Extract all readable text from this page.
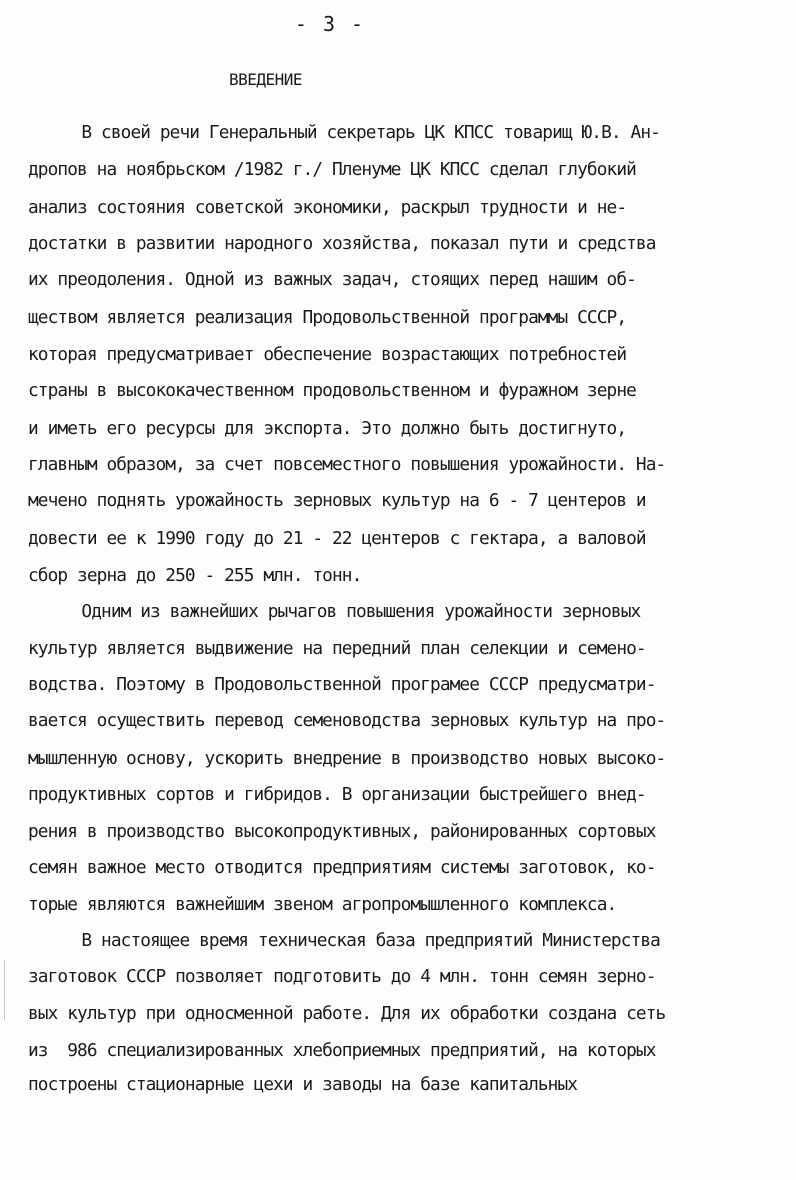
- 3 -
ВВЕДЕНИЕ
В своей речи Генеральный секретарь ЦК КПСС товарищ Ю.В. Ан-
дропов на ноябрьском /1982 г./ Пленуме ЦК КПСС сделал глубокий
анализ состояния советской экономики, раскрыл трудности и не-
достатки в развитии народного хозяйства, показал пути и средства
их преодоления. Одной из важных задач, стоящих перед нашим об-
ществом является реализация Продовольственной программы СССР,
которая предусматривает обеспечение возрастающих потребностей
страны в высококачественном продовольственном и фуражном зерне
и иметь его ресурсы для экспорта. Это должно быть достигнуто,
главным образом, за счет повсеместного повышения урожайности. На-
мечено поднять урожайность зерновых культур на 6 - 7 центеров и
довести ее к 1990 году до 21 - 22 центеров с гектара, а валовой
сбор зерна до 250 - 255 млн. тонн.
Одним из важнейших рычагов повышения урожайности зерновых
культур является выдвижение на передний план селекции и семено-
водства. Поэтому в Продовольственной програмее СССР предусматри-
вается осуществить перевод семеноводства зерновых культур на про-
мышленную основу, ускорить внедрение в производство новых высоко-
продуктивных сортов и гибридов. В организации быстрейшего внед-
рения в производство высокопродуктивных, районированных сортовых
семян важное место отводится предприятиям системы заготовок, ко-
торые являются важнейшим звеном агропромышленного комплекса.
В настоящее время техническая база предприятий Министерства
заготовок СССР позволяет подготовить до 4 млн. тонн семян зерно-
вых культур при односменной работе. Для их обработки создана сеть
из  986 специализированных хлебоприемных предприятий, на которых
построены стационарные цехи и заводы на базе капитальных
